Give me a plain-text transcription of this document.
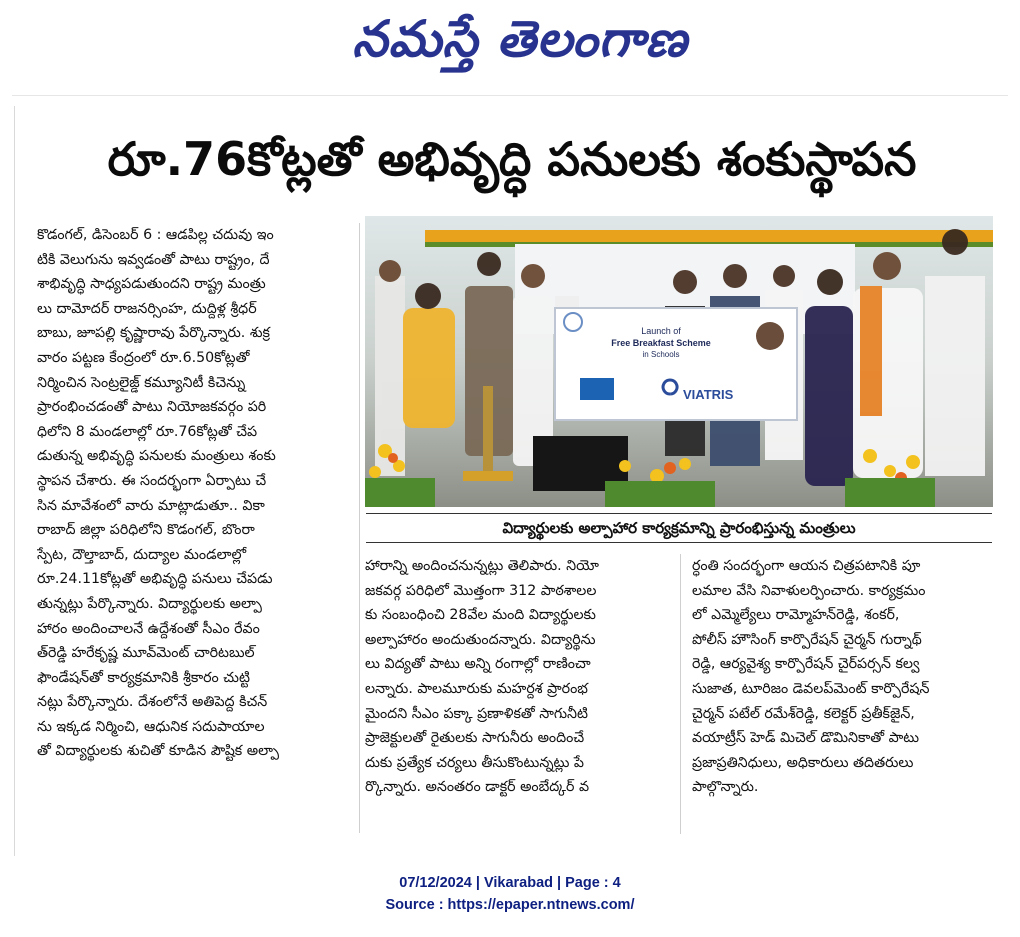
నమస్తే తెలంగాణ
రూ.76కోట్లతో అభివృద్ధి పనులకు శంకుస్థాపన
Launch of
Free Breakfast Scheme
in Schools
VIATRIS
విద్యార్థులకు అల్పాహార కార్యక్రమాన్ని ప్రారంభిస్తున్న మంత్రులు

కొడంగల్, డిసెంబర్ 6 : ఆడపిల్ల చదువు ఇం

టికి వెలుగును ఇవ్వడంతో పాటు రాష్ట్రం, దే

శాభివృద్ధి సాధ్యపడుతుందని రాష్ట్ర మంత్రు

లు దామోదర్ రాజనర్సింహ, దుద్దిళ్ల శ్రీధర్

బాబు, జూపల్లి కృష్ణారావు పేర్కొన్నారు. శుక్ర

వారం పట్టణ కేంద్రంలో రూ.6.50కోట్లతో

నిర్మించిన సెంట్రలైజ్డ్ కమ్యూనిటీ కిచెన్ను

ప్రారంభించడంతో పాటు నియోజకవర్గం పరి

ధిలోని 8 మండలాల్లో రూ.76కోట్లతో చేప

డుతున్న అభివృద్ధి పనులకు మంత్రులు శంకు

స్థాపన చేశారు. ఈ సందర్భంగా ఏర్పాటు చే

సిన మావేశంలో వారు మాట్లాడుతూ.. వికా

రాబాద్ జిల్లా పరిధిలోని కొడంగల్, బొంరా

స్పేట, దౌల్తాబాద్, దుద్యాల మండలాల్లో

రూ.24.11కోట్లతో అభివృద్ధి పనులు చేపడు

తున్నట్లు పేర్కొన్నారు. విద్యార్థులకు అల్పా

హారం అందించాలనే ఉద్దేశంతో సీఎం రేవం

త్‌రెడ్డి హరేకృష్ణ మూవ్‌మెంట్ చారిటబుల్

ఫౌండేషన్‌తో కార్యక్రమానికి శ్రీకారం చుట్టి

నట్లు పేర్కొన్నారు. దేశంలోనే అతిపెద్ద కిచన్

ను ఇక్కడ నిర్మించి, ఆధునిక సదుపాయాల

తో విద్యార్థులకు శుచితో కూడిన పౌష్టిక అల్పా

హారాన్ని అందించనున్నట్లు తెలిపారు. నియో

జకవర్గ పరిధిలో మొత్తంగా 312 పాఠశాలల

కు సంబంధించి 28వేల మంది విద్యార్థులకు

అల్పాహారం అందుతుందన్నారు. విద్యార్థిను

లు విద్యతో పాటు అన్ని రంగాల్లో రాణించా

లన్నారు. పాలమూరుకు మహర్దశ ప్రారంభ

మైందని సీఎం పక్కా ప్రణాళికతో సాగునీటి

ప్రాజెక్టులతో రైతులకు సాగునీరు అందించే

దుకు ప్రత్యేక చర్యలు తీసుకొంటున్నట్లు పే

ర్కొన్నారు. అనంతరం డాక్టర్ అంబేద్కర్ వ

ర్ధంతి సందర్భంగా ఆయన చిత్రపటానికి పూ

లమాల వేసి నివాళులర్పించారు. కార్యక్రమం

లో ఎమ్మెల్యేలు రామ్మోహన్‌రెడ్డి, శంకర్,

పోలీస్ హౌసింగ్ కార్పొరేషన్ చైర్మన్ గుర్నాథ్

రెడ్డి, ఆర్యవైశ్య కార్పొరేషన్ చైర్‌పర్సన్ కల్వ

సుజాత, టూరిజం డెవలప్‌మెంట్ కార్పొరేషన్

చైర్మన్ పటేల్ రమేశ్‌రెడ్డి, కలెక్టర్ ప్రతీక్‌జైన్,

వయాట్రీస్ హెడ్ మిచెల్ డొమినికాతో పాటు

ప్రజాప్రతినిధులు, అధికారులు తదితరులు

పాల్గొన్నారు.

07/12/2024 | Vikarabad | Page : 4
Source : https://epaper.ntnews.com/
